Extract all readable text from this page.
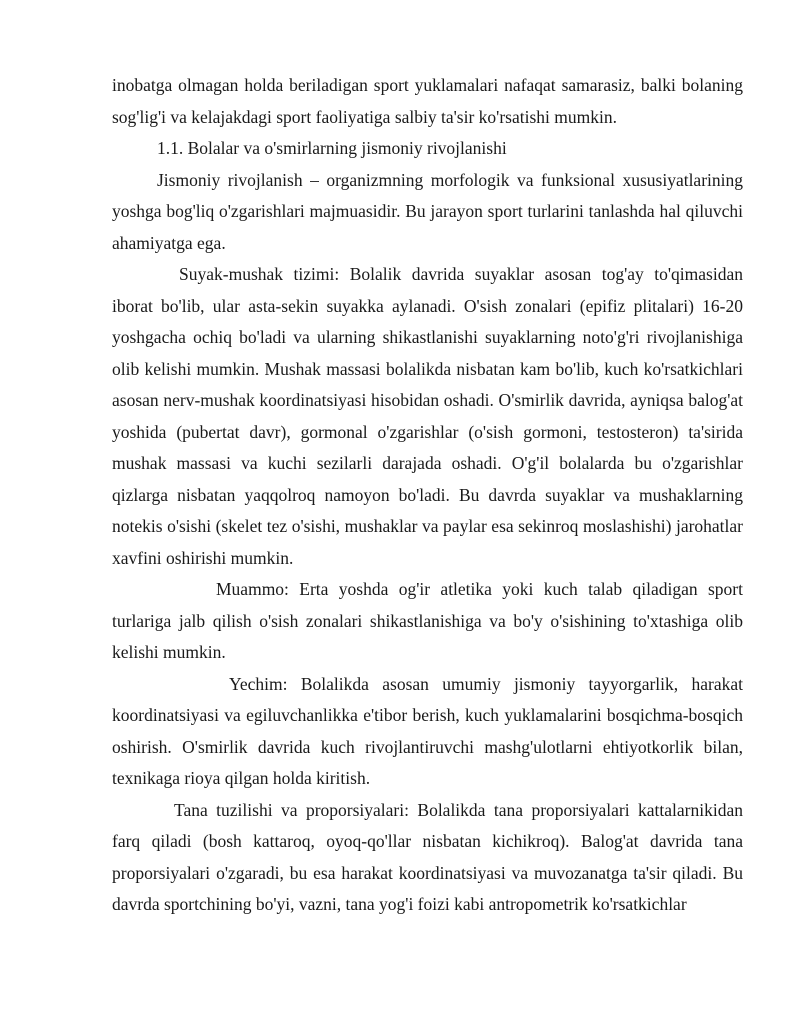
inobatga olmagan holda beriladigan sport yuklamalari nafaqat samarasiz, balki bolaning sog'lig'i va kelajakdagi sport faoliyatiga salbiy ta'sir ko'rsatishi mumkin.

1.1. Bolalar va o'smirlarning jismoniy rivojlanishi

Jismoniy rivojlanish – organizmning morfologik va funksional xususiyatlarining yoshga bog'liq o'zgarishlari majmuasidir. Bu jarayon sport turlarini tanlashda hal qiluvchi ahamiyatga ega.

Suyak-mushak tizimi: Bolalik davrida suyaklar asosan tog'ay to'qimasidan iborat bo'lib, ular asta-sekin suyakka aylanadi. O'sish zonalari (epifiz plitalari) 16-20 yoshgacha ochiq bo'ladi va ularning shikastlanishi suyaklarning noto'g'ri rivojlanishiga olib kelishi mumkin. Mushak massasi bolalikda nisbatan kam bo'lib, kuch ko'rsatkichlari asosan nerv-mushak koordinatsiyasi hisobidan oshadi. O'smirlik davrida, ayniqsa balog'at yoshida (pubertat davr), gormonal o'zgarishlar (o'sish gormoni, testosteron) ta'sirida mushak massasi va kuchi sezilarli darajada oshadi. O'g'il bolalarda bu o'zgarishlar qizlarga nisbatan yaqqolroq namoyon bo'ladi. Bu davrda suyaklar va mushaklarning notekis o'sishi (skelet tez o'sishi, mushaklar va paylar esa sekinroq moslashishi) jarohatlar xavfini oshirishi mumkin.

Muammo: Erta yoshda og'ir atletika yoki kuch talab qiladigan sport turlariga jalb qilish o'sish zonalari shikastlanishiga va bo'y o'sishining to'xtashiga olib kelishi mumkin.

Yechim: Bolalikda asosan umumiy jismoniy tayyorgarlik, harakat koordinatsiyasi va egiluvchanlikka e'tibor berish, kuch yuklamalarini bosqichma-bosqich oshirish. O'smirlik davrida kuch rivojlantiruvchi mashg'ulotlarni ehtiyotkorlik bilan, texnikaga rioya qilgan holda kiritish.

Tana tuzilishi va proporsiyalari: Bolalikda tana proporsiyalari kattalarnikidan farq qiladi (bosh kattaroq, oyoq-qo'llar nisbatan kichikroq). Balog'at davrida tana proporsiyalari o'zgaradi, bu esa harakat koordinatsiyasi va muvozanatga ta'sir qiladi. Bu davrda sportchining bo'yi, vazni, tana yog'i foizi kabi antropometrik ko'rsatkichlar
